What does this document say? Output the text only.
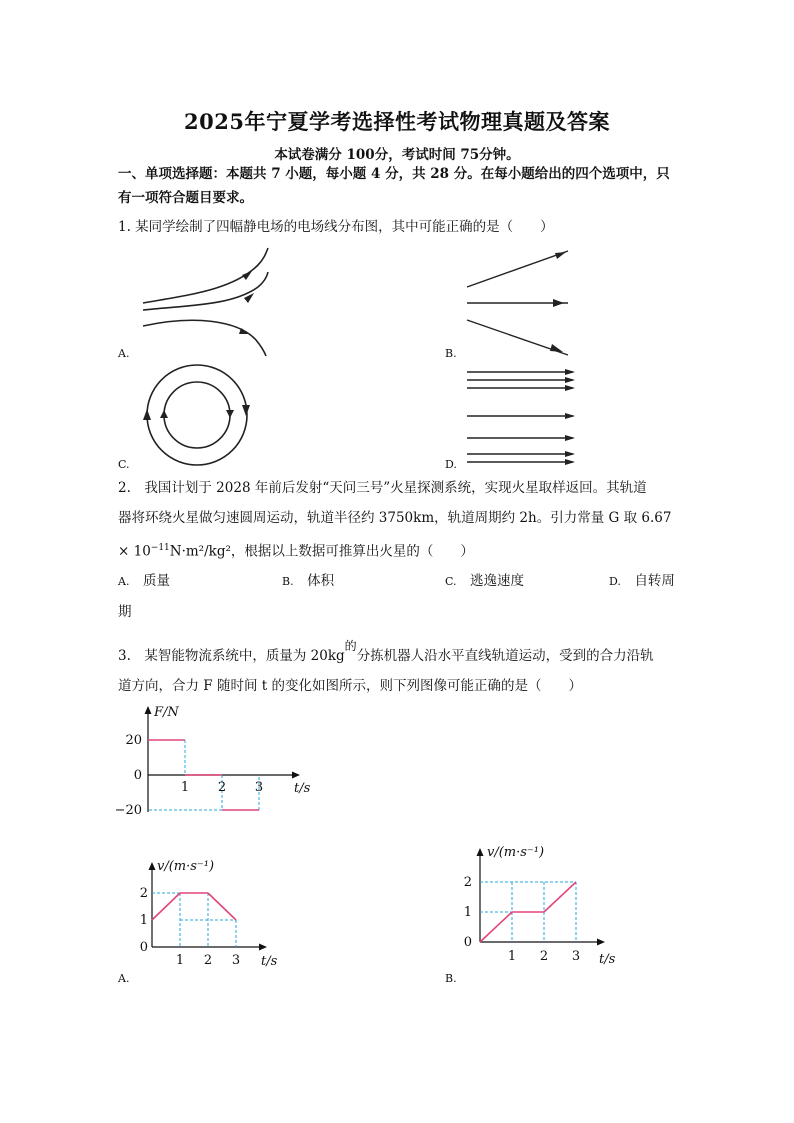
2025年宁夏学考选择性考试物理真题及答案
本试卷满分 100分，考试时间 75分钟。
一、单项选择题：本题共 7 小题，每小题 4 分，共 28 分。在每小题给出的四个选项中，只
有一项符合题目要求。
1. 某同学绘制了四幅静电场的电场线分布图，其中可能正确的是（　　）
A.	B.
C.	D.
2.　我国计划于 2028 年前后发射“天问三号”火星探测系统，实现火星取样返回。其轨道
器将环绕火星做匀速圆周运动，轨道半径约 3750km，轨道周期约 2h。引力常量 G 取 6.67
× $10^{-11}N\cdot m^2$/kg²，根据以上数据可推算出火星的（　　）
A.  质量	B.  体积	C.  逃逸速度	D.  自转周
期
3.　某智能物流系统中，质量为 20kg的分拣机器人沿水平直线轨道运动，受到的合力沿轨
道方向，合力 F 随时间 t 的变化如图所示，则下列图像可能正确的是（　　）
1 2 3
20
0
−20
t/s
F/N
1 2 3
2
1
0
t/s
v/(m·s⁻¹)
A.
1 2 3
2
1
0
t/s
v/(m·s⁻¹)
B.
